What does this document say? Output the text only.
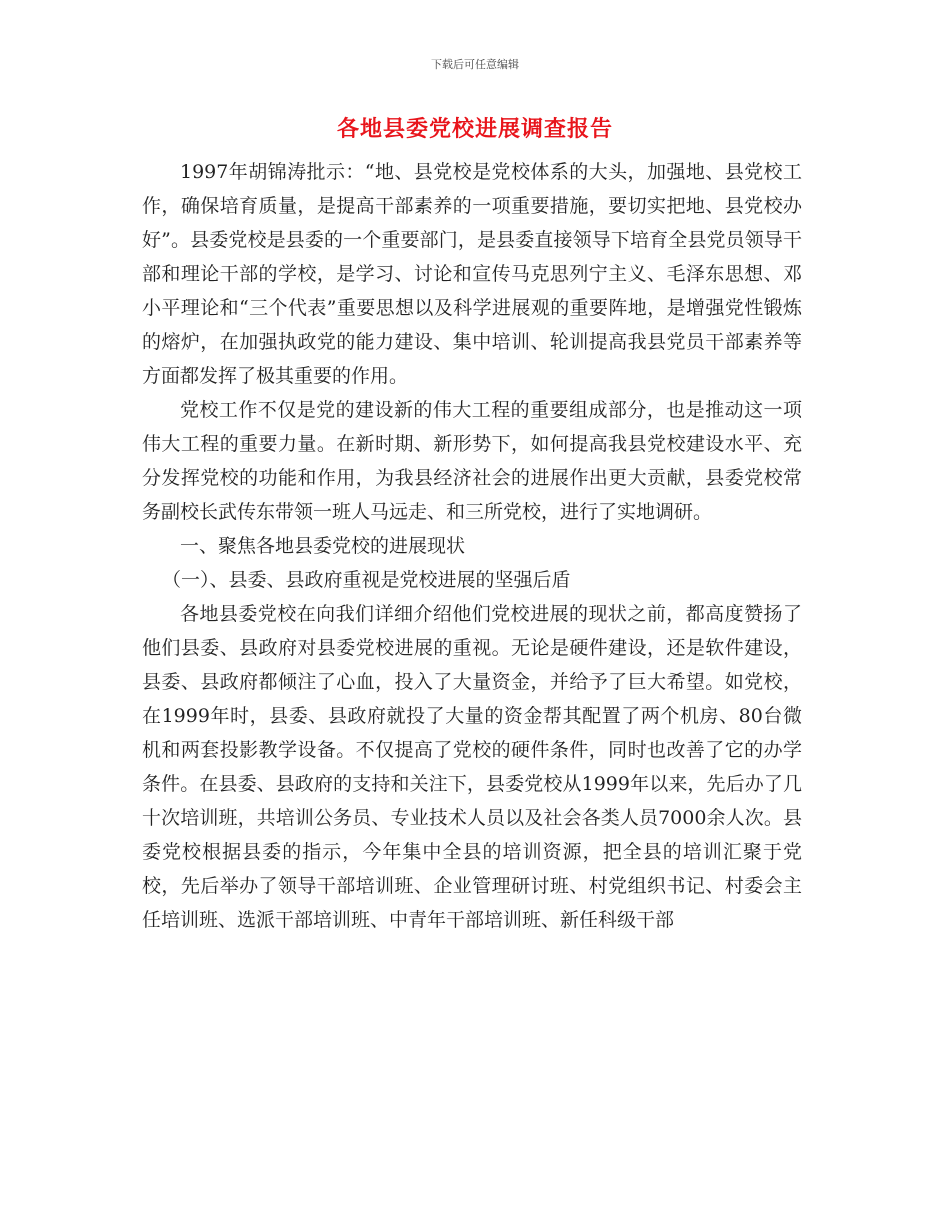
下载后可任意编辑
各地县委党校进展调查报告

1997年胡锦涛批示：“地、县党校是党校体系的大头，加强地、县党校工作，确保培育质量，是提高干部素养的一项重要措施，要切实把地、县党校办好”。县委党校是县委的一个重要部门，是县委直接领导下培育全县党员领导干部和理论干部的学校，是学习、讨论和宣传马克思列宁主义、毛泽东思想、邓小平理论和“三个代表”重要思想以及科学进展观的重要阵地，是增强党性锻炼的熔炉，在加强执政党的能力建设、集中培训、轮训提高我县党员干部素养等方面都发挥了极其重要的作用。

党校工作不仅是党的建设新的伟大工程的重要组成部分，也是推动这一项伟大工程的重要力量。在新时期、新形势下，如何提高我县党校建设水平、充分发挥党校的功能和作用，为我县经济社会的进展作出更大贡献，县委党校常务副校长武传东带领一班人马远走、和三所党校，进行了实地调研。

一、聚焦各地县委党校的进展现状

（一）、县委、县政府重视是党校进展的坚强后盾

各地县委党校在向我们详细介绍他们党校进展的现状之前，都高度赞扬了他们县委、县政府对县委党校进展的重视。无论是硬件建设，还是软件建设，县委、县政府都倾注了心血，投入了大量资金，并给予了巨大希望。如党校，在1999年时，县委、县政府就投了大量的资金帮其配置了两个机房、80台微机和两套投影教学设备。不仅提高了党校的硬件条件，同时也改善了它的办学条件。在县委、县政府的支持和关注下，县委党校从1999年以来，先后办了几十次培训班，共培训公务员、专业技术人员以及社会各类人员7000余人次。县委党校根据县委的指示，今年集中全县的培训资源，把全县的培训汇聚于党校，先后举办了领导干部培训班、企业管理研讨班、村党组织书记、村委会主任培训班、选派干部培训班、中青年干部培训班、新任科级干部
